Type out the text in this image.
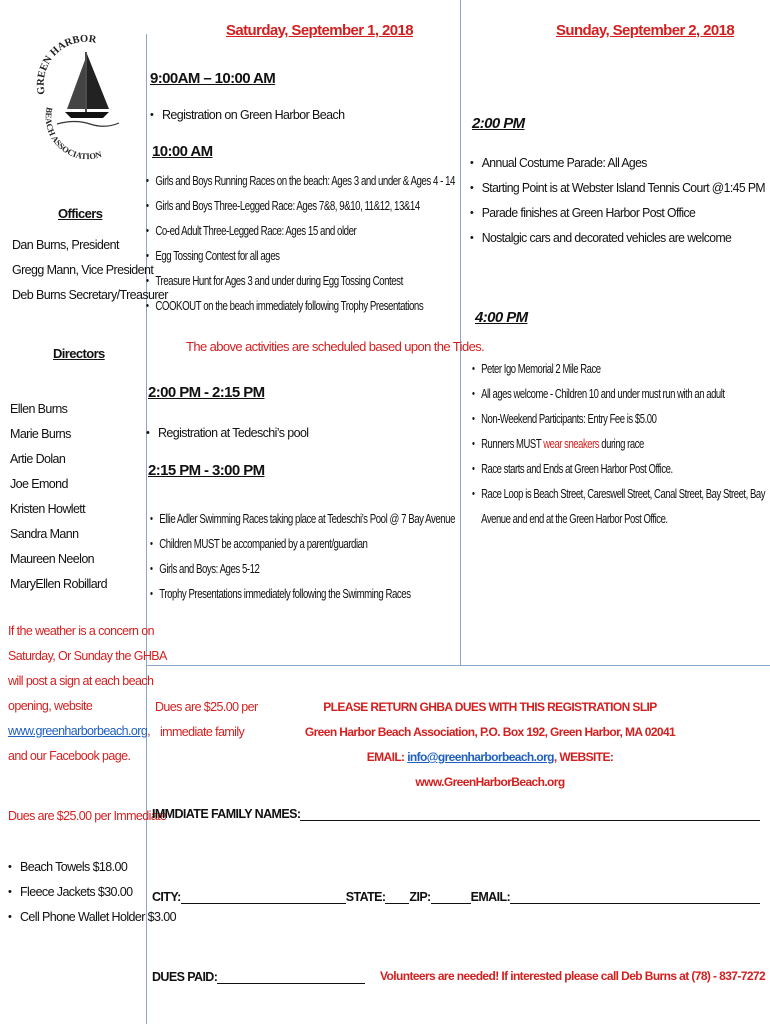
GREEN HARBOR
BEACH ASSOCIATION
Officers
Dan Burns, President
Gregg Mann, Vice President
Deb Burns Secretary/Treasurer
Directors
Ellen Burns
Marie Burns
Artie Dolan
Joe Emond
Kristen Howlett
Sandra Mann
Maureen Neelon
MaryEllen Robillard
If the weather is a concern on
Saturday, Or Sunday the GHBA
will post a sign at each beach
opening, website
www.greenharborbeach.org,
and our Facebook page.
Dues are $25.00 per Immediate
• Beach Towels $18.00
• Fleece Jackets $30.00
• Cell Phone Wallet Holder $3.00
Saturday, September 1, 2018
9:00AM – 10:00 AM
• Registration on Green Harbor Beach
10:00 AM
• Girls and Boys Running Races on the beach: Ages 3 and under & Ages 4 - 14
• Girls and Boys Three-Legged Race: Ages 7&8, 9&10, 11&12, 13&14
• Co-ed Adult Three-Legged Race: Ages 15 and older
• Egg Tossing Contest for all ages
• Treasure Hunt for Ages 3 and under during Egg Tossing Contest
• COOKOUT on the beach immediately following Trophy Presentations
The above activities are scheduled based upon the Tides.
2:00 PM - 2:15 PM
• Registration at Tedeschi’s pool
2:15 PM - 3:00 PM
• Ellie Adler Swimming Races taking place at Tedeschi’s Pool @ 7 Bay Avenue
• Children MUST be accompanied by a parent/guardian
• Girls and Boys: Ages 5-12
• Trophy Presentations immediately following the Swimming Races
Sunday, September 2, 2018
2:00 PM
• Annual Costume Parade: All Ages
• Starting Point is at Webster Island Tennis Court @1:45 PM
• Parade finishes at Green Harbor Post Office
• Nostalgic cars and decorated vehicles are welcome
4:00 PM
• Peter Igo Memorial 2 Mile Race
• All ages welcome - Children 10 and under must run with an adult
• Non-Weekend Participants: Entry Fee is $5.00
• Runners MUST wear sneakers during race
• Race starts and Ends at Green Harbor Post Office.
• Race Loop is Beach Street, Careswell Street, Canal Street, Bay Street, Bay
Avenue and end at the Green Harbor Post Office.
Dues are $25.00 per
immediate family
PLEASE RETURN GHBA DUES WITH THIS REGISTRATION SLIP
Green Harbor Beach Association, P.O. Box 192, Green Harbor, MA 02041
EMAIL: info@greenharborbeach.org, WEBSITE: www.GreenHarborBeach.org
IMMDIATE FAMILY NAMES:
CITY:	STATE: ZIP:	EMAIL:
DUES PAID:	Volunteers are needed! If interested please call Deb Burns at (78) - 837-7272
